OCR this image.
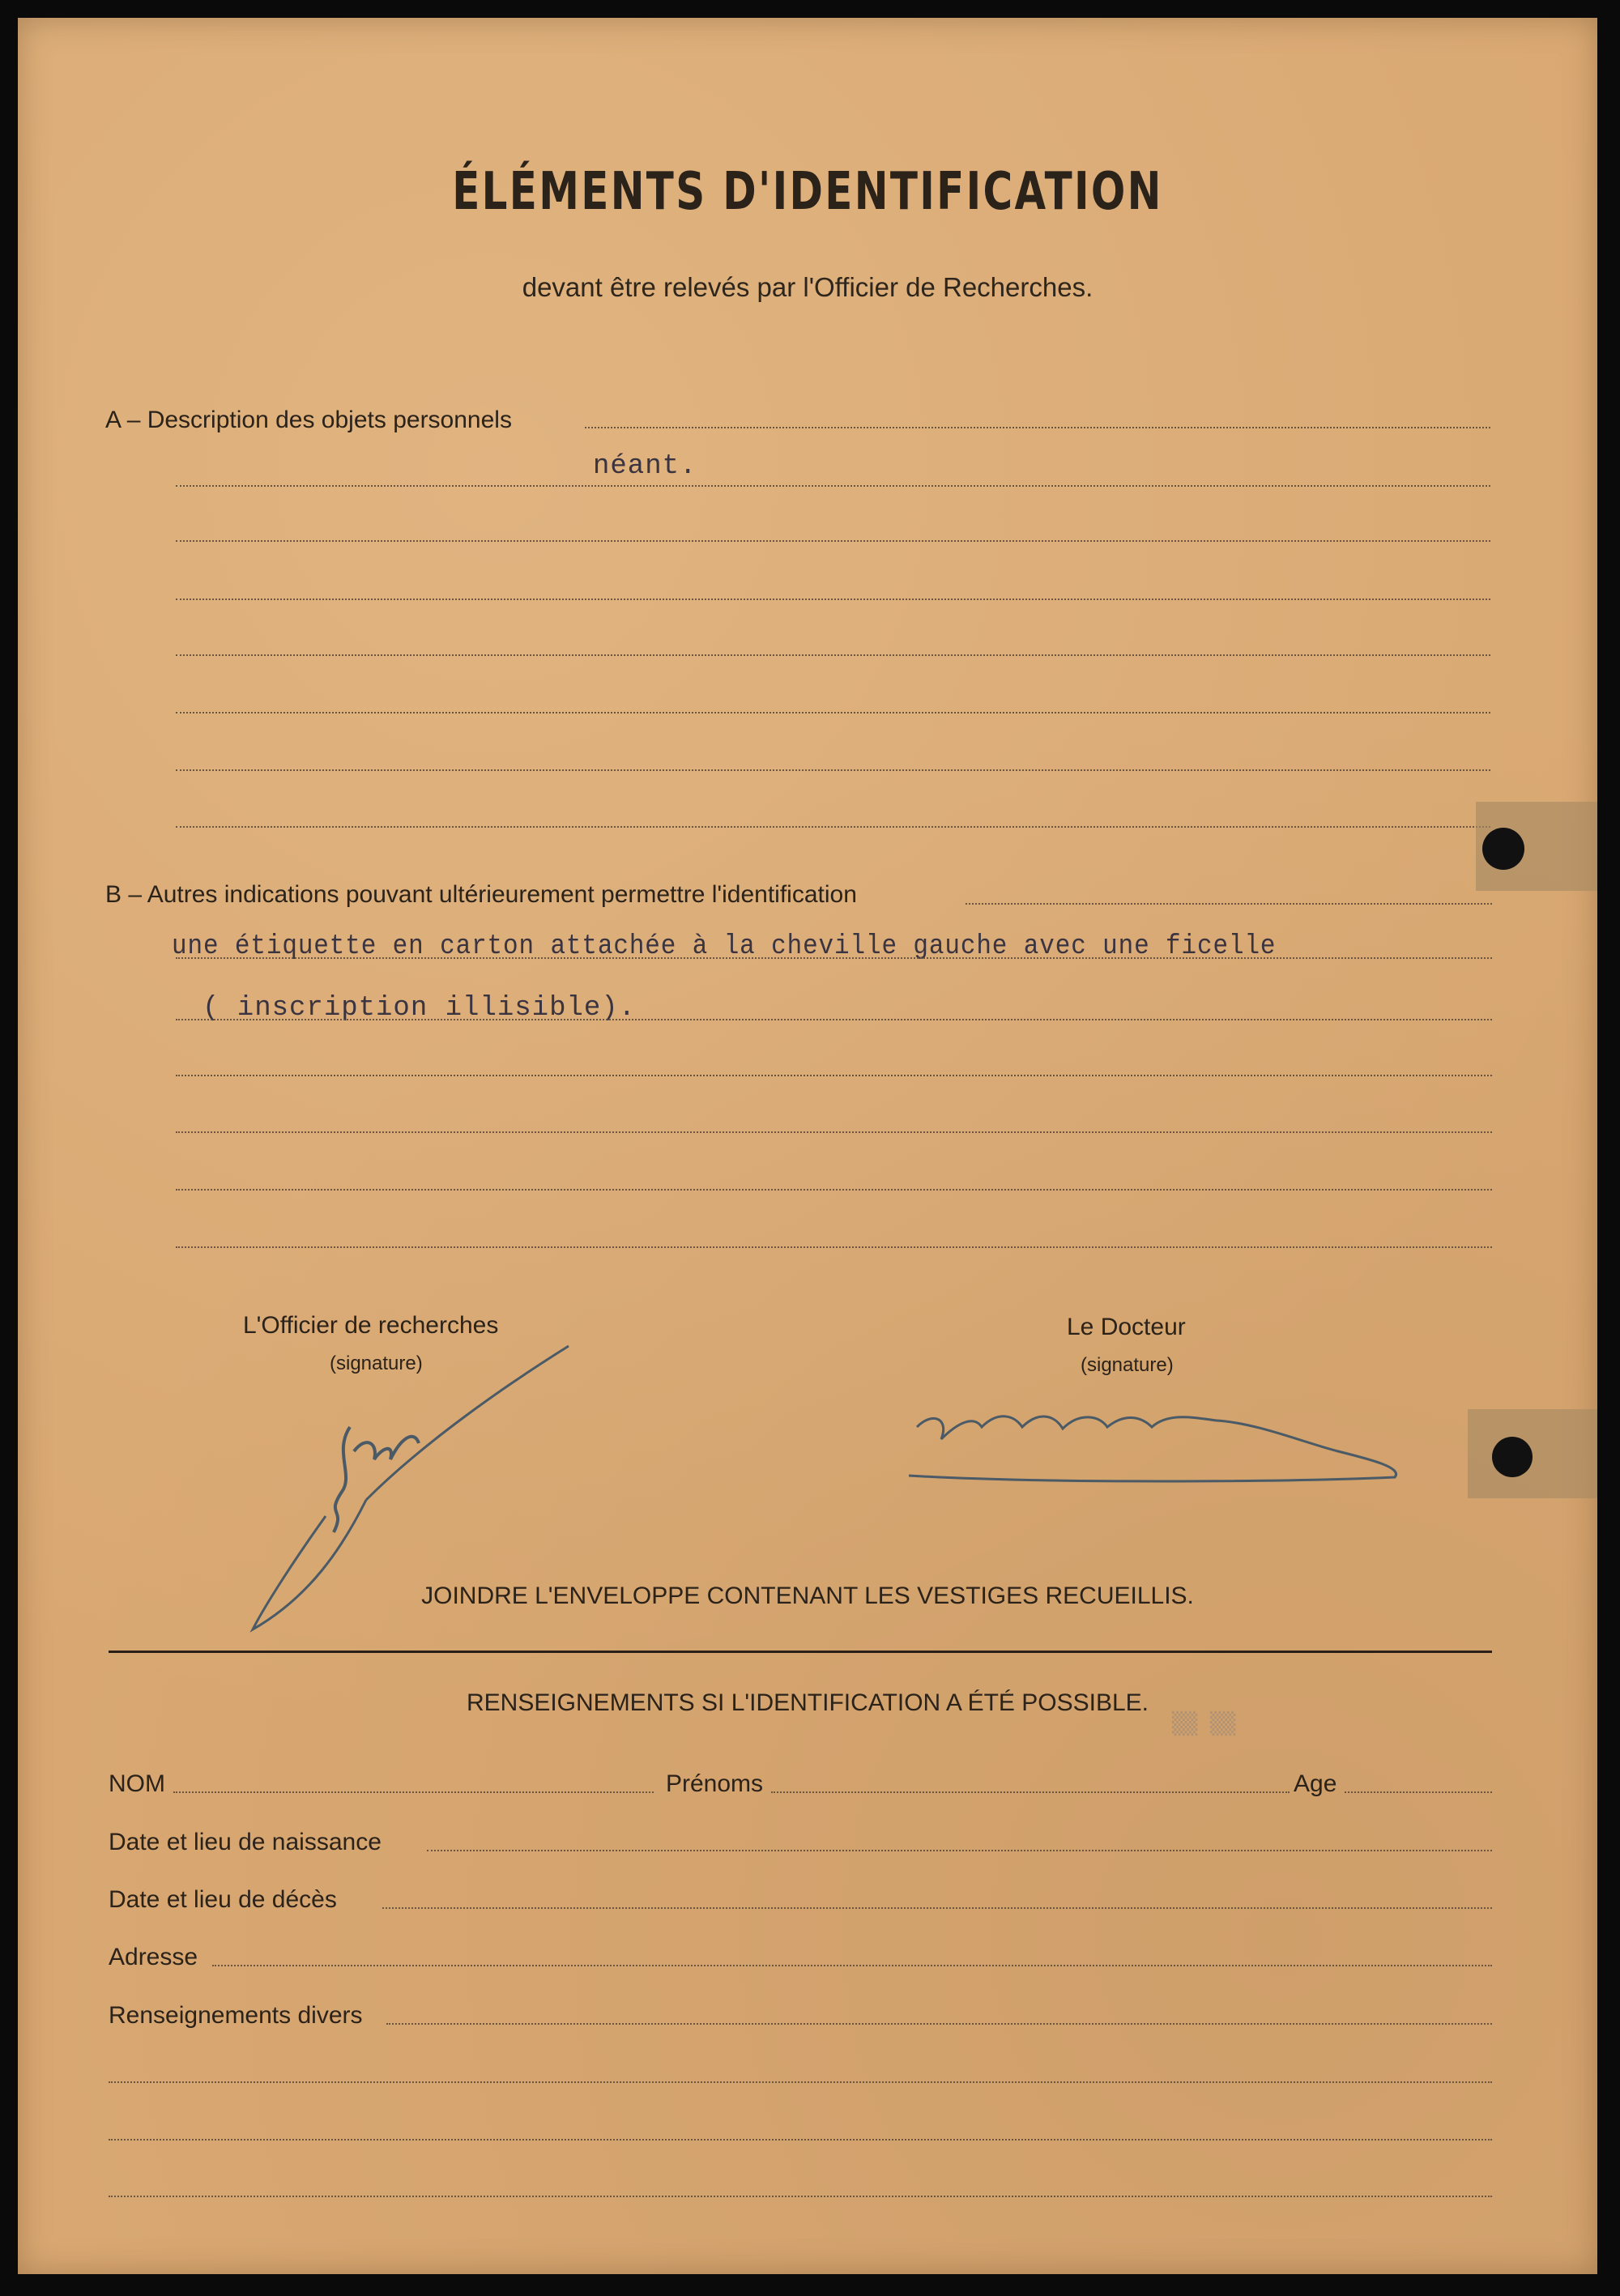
ÉLÉMENTS D'IDENTIFICATION
devant être relevés par l'Officier de Recherches.
A – Description des objets personnels
néant.
B – Autres indications pouvant ultérieurement permettre l'identification
une étiquette en carton attachée à la cheville gauche avec une ficelle
( inscription illisible).
L'Officier de recherches
(signature)
Le Docteur
(signature)
JOINDRE L'ENVELOPPE CONTENANT LES VESTIGES RECUEILLIS.
RENSEIGNEMENTS SI L'IDENTIFICATION A ÉTÉ POSSIBLE.
▒▒ ▒▒
NOM	Prénoms	Age
Date et lieu de naissance
Date et lieu de décès
Adresse
Renseignements divers
